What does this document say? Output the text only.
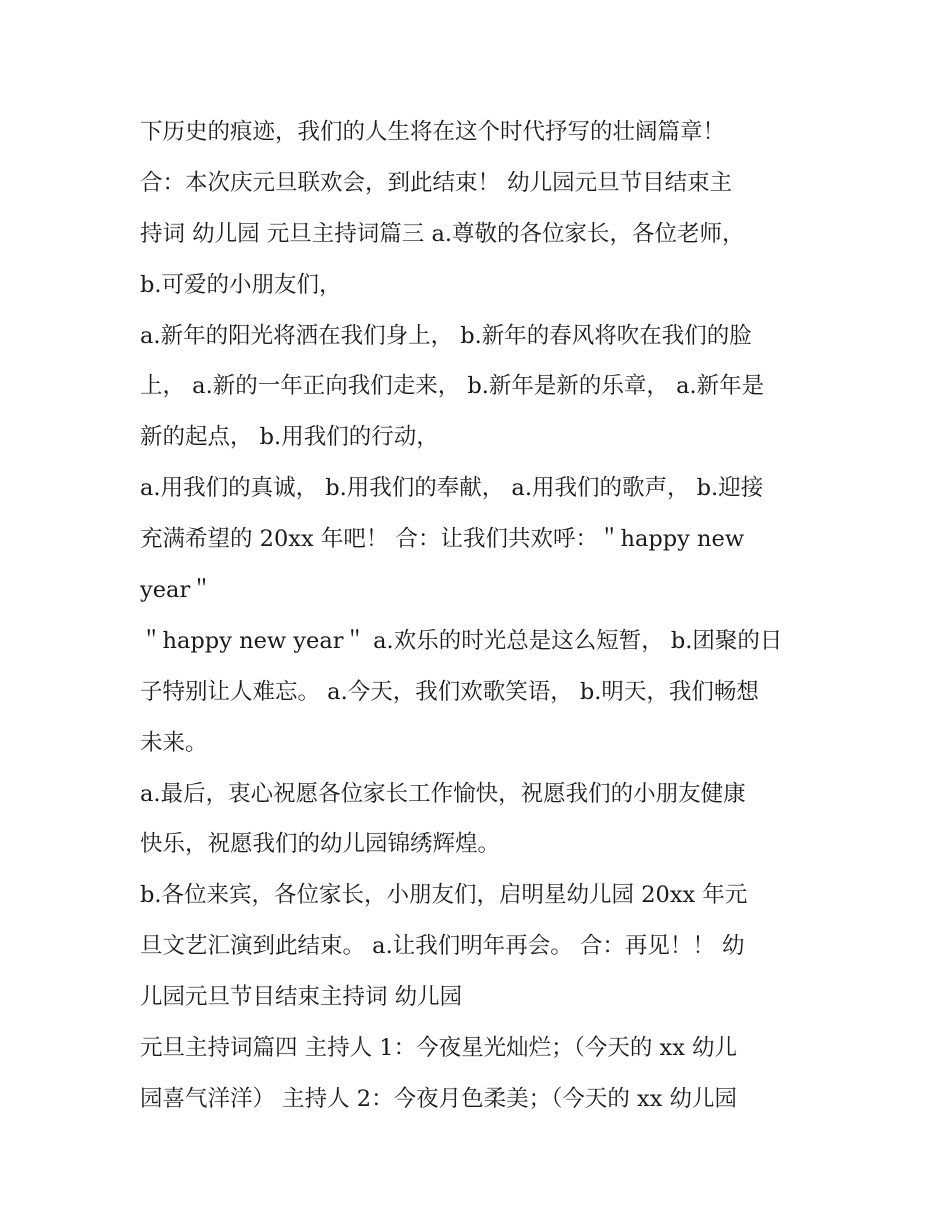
下历史的痕迹，我们的人生将在这个时代抒写的壮阔篇章！
合：本次庆元旦联欢会，到此结束！ 幼儿园元旦节目结束主
持词 幼儿园 元旦主持词篇三 a.尊敬的各位家长，各位老师，
b.可爱的小朋友们，
a.新年的阳光将洒在我们身上， b.新年的春风将吹在我们的脸
上， a.新的一年正向我们走来， b.新年是新的乐章， a.新年是
新的起点， b.用我们的行动，
a.用我们的真诚， b.用我们的奉献， a.用我们的歌声， b.迎接
充满希望的 20xx 年吧！ 合：让我们共欢呼：＂happy new
year＂
＂happy new year＂ a.欢乐的时光总是这么短暂， b.团聚的日
子特别让人难忘。 a.今天，我们欢歌笑语， b.明天，我们畅想
未来。
a.最后，衷心祝愿各位家长工作愉快，祝愿我们的小朋友健康
快乐，祝愿我们的幼儿园锦绣辉煌。
b.各位来宾，各位家长，小朋友们，启明星幼儿园 20xx 年元
旦文艺汇演到此结束。 a.让我们明年再会。 合：再见！！ 幼
儿园元旦节目结束主持词 幼儿园
元旦主持词篇四 主持人 1：今夜星光灿烂；（今天的 xx 幼儿
园喜气洋洋） 主持人 2：今夜月色柔美；（今天的 xx 幼儿园
